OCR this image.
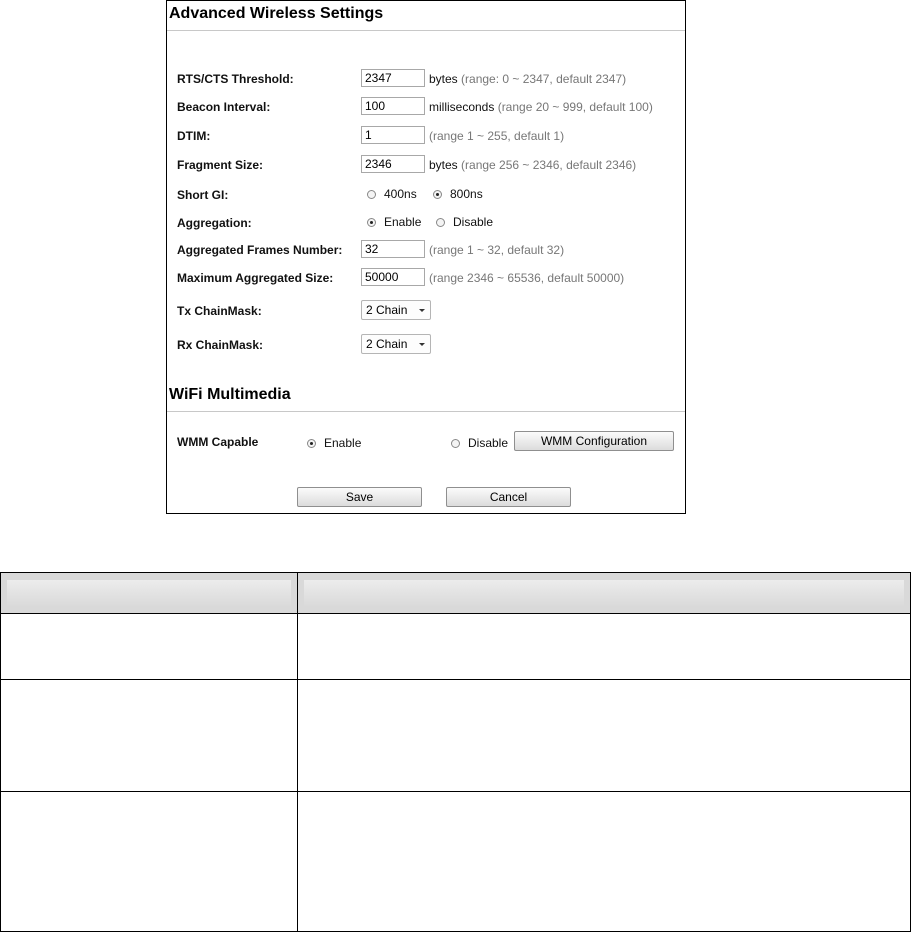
Advanced Wireless Settings
RTS/CTS Threshold:
2347	bytes (range: 0 ~ 2347, default 2347)
Beacon Interval:
100	milliseconds (range 20 ~ 999, default 100)
DTIM:
1	(range 1 ~ 255, default 1)
Fragment Size:
2346	bytes (range 256 ~ 2346, default 2346)
Short GI:	400ns	800ns
Aggregation:	Enable	Disable
Aggregated Frames Number:
32	(range 1 ~ 32, default 32)
Maximum Aggregated Size:
50000	(range 2346 ~ 65536, default 50000)
Tx ChainMask:	2 Chain
Rx ChainMask:	2 Chain
WiFi Multimedia
WMM Capable	Enable	Disable	WMM Configuration
Save	Cancel
